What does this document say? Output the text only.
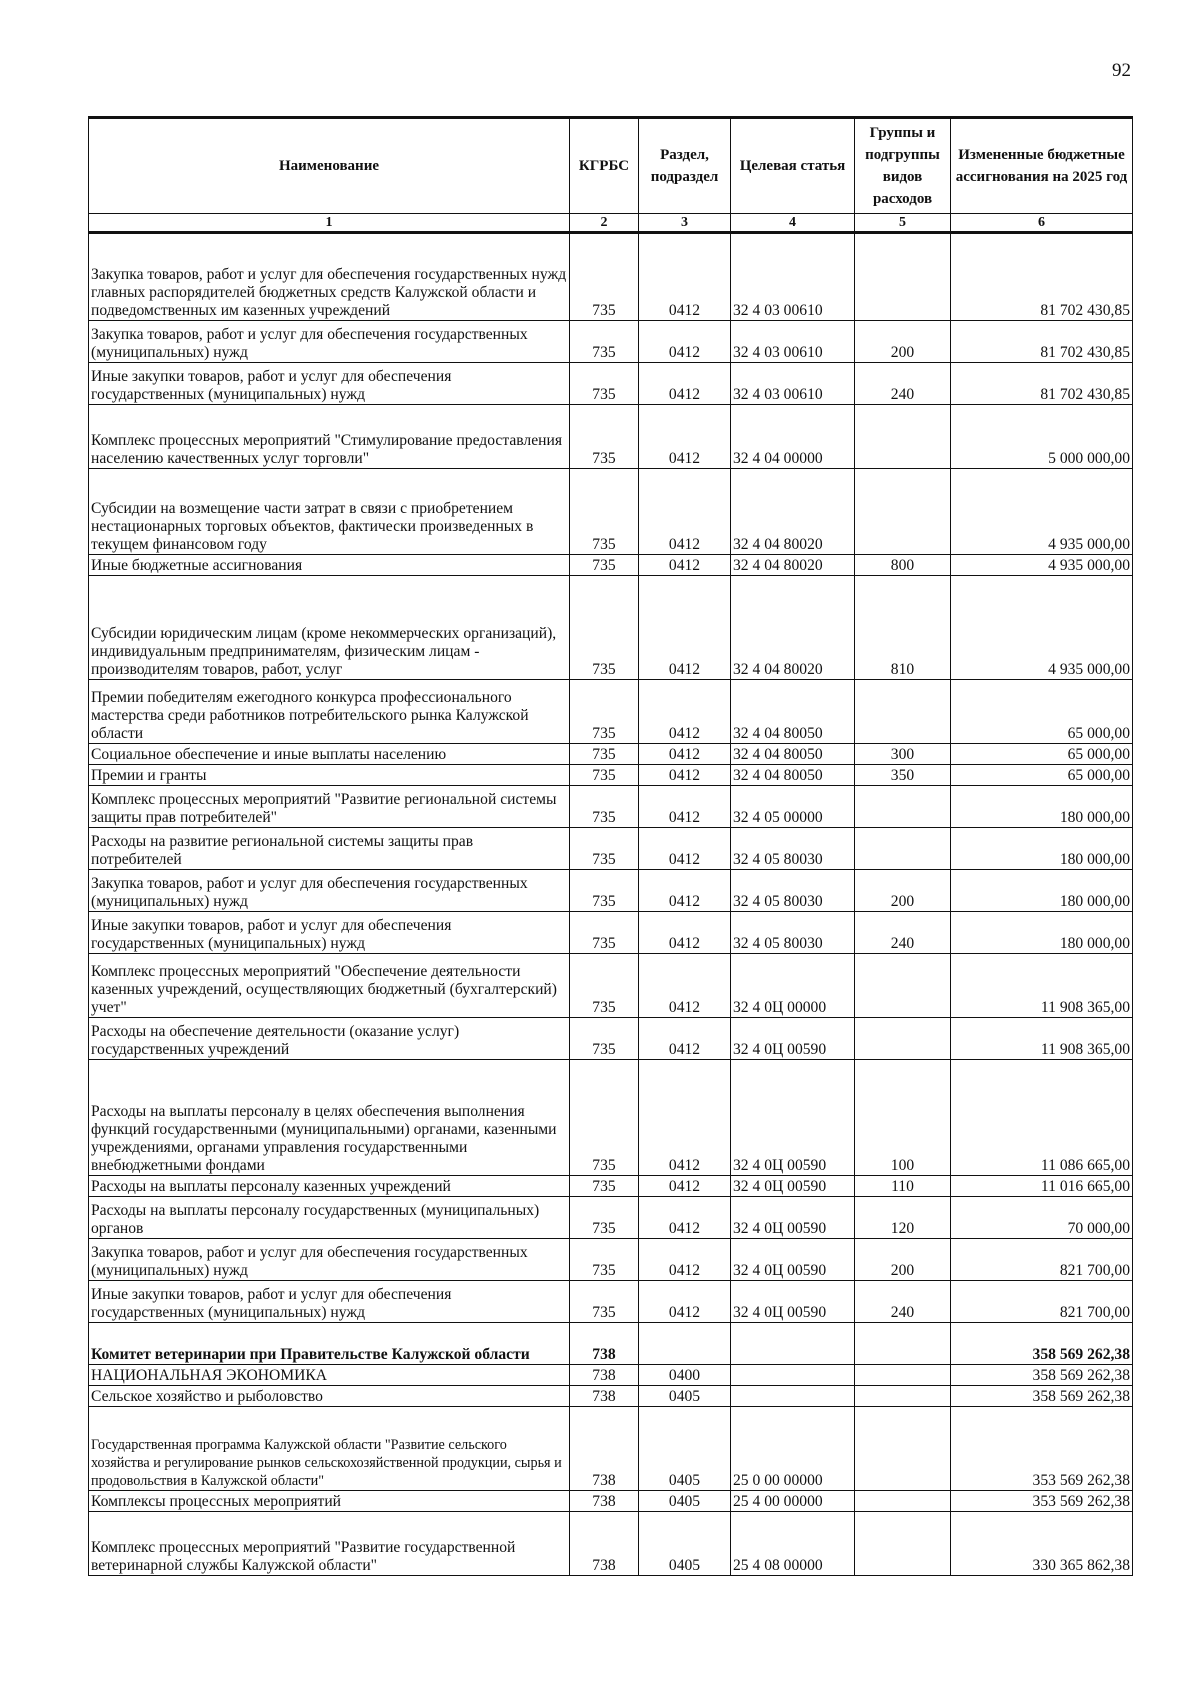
92
Наименование	КГРБС	Раздел, подраздел	Целевая статья	Группы и подгруппы видов расходов	Измененные бюджетные ассигнования на 2025 год
1	2	3	4	5	6
Закупка товаров, работ и услуг для обеспечения государственных нужд главных распорядителей бюджетных средств Калужской области и подведомственных им казенных учреждений	735	0412	32 4 03 00610		81 702 430,85
Закупка товаров, работ и услуг для обеспечения государственных (муниципальных) нужд	735	0412	32 4 03 00610	200	81 702 430,85
Иные закупки товаров, работ и услуг для обеспечения государственных (муниципальных) нужд	735	0412	32 4 03 00610	240	81 702 430,85
Комплекс процессных мероприятий "Стимулирование предоставления населению качественных услуг торговли"	735	0412	32 4 04 00000		5 000 000,00
Субсидии на возмещение части затрат в связи с приобретением нестационарных торговых объектов, фактически произведенных в текущем финансовом году	735	0412	32 4 04 80020		4 935 000,00
Иные бюджетные ассигнования	735	0412	32 4 04 80020	800	4 935 000,00
Субсидии юридическим лицам (кроме некоммерческих организаций), индивидуальным предпринимателям, физическим лицам - производителям товаров, работ, услуг	735	0412	32 4 04 80020	810	4 935 000,00
Премии победителям ежегодного конкурса профессионального мастерства среди работников потребительского рынка Калужской области	735	0412	32 4 04 80050		65 000,00
Социальное обеспечение и иные выплаты населению	735	0412	32 4 04 80050	300	65 000,00
Премии и гранты	735	0412	32 4 04 80050	350	65 000,00
Комплекс процессных мероприятий "Развитие региональной системы защиты прав потребителей"	735	0412	32 4 05 00000		180 000,00
Расходы на развитие региональной системы защиты прав потребителей	735	0412	32 4 05 80030		180 000,00
Закупка товаров, работ и услуг для обеспечения государственных (муниципальных) нужд	735	0412	32 4 05 80030	200	180 000,00
Иные закупки товаров, работ и услуг для обеспечения государственных (муниципальных) нужд	735	0412	32 4 05 80030	240	180 000,00
Комплекс процессных мероприятий "Обеспечение деятельности казенных учреждений, осуществляющих бюджетный (бухгалтерский) учет"	735	0412	32 4 0Ц 00000		11 908 365,00
Расходы на обеспечение деятельности (оказание услуг) государственных учреждений	735	0412	32 4 0Ц 00590		11 908 365,00
Расходы на выплаты персоналу в целях обеспечения выполнения функций государственными (муниципальными) органами, казенными учреждениями, органами управления государственными внебюджетными фондами	735	0412	32 4 0Ц 00590	100	11 086 665,00
Расходы на выплаты персоналу казенных учреждений	735	0412	32 4 0Ц 00590	110	11 016 665,00
Расходы на выплаты персоналу государственных (муниципальных) органов	735	0412	32 4 0Ц 00590	120	70 000,00
Закупка товаров, работ и услуг для обеспечения государственных (муниципальных) нужд	735	0412	32 4 0Ц 00590	200	821 700,00
Иные закупки товаров, работ и услуг для обеспечения государственных (муниципальных) нужд	735	0412	32 4 0Ц 00590	240	821 700,00
Комитет ветеринарии при Правительстве Калужской области	738				358 569 262,38
НАЦИОНАЛЬНАЯ ЭКОНОМИКА	738	0400			358 569 262,38
Сельское хозяйство и рыболовство	738	0405			358 569 262,38
Государственная программа Калужской области "Развитие сельского хозяйства и регулирование рынков сельскохозяйственной продукции, сырья и продовольствия в Калужской области"	738	0405	25 0 00 00000		353 569 262,38
Комплексы процессных мероприятий	738	0405	25 4 00 00000		353 569 262,38
Комплекс процессных мероприятий "Развитие государственной ветеринарной службы Калужской области"	738	0405	25 4 08 00000		330 365 862,38
